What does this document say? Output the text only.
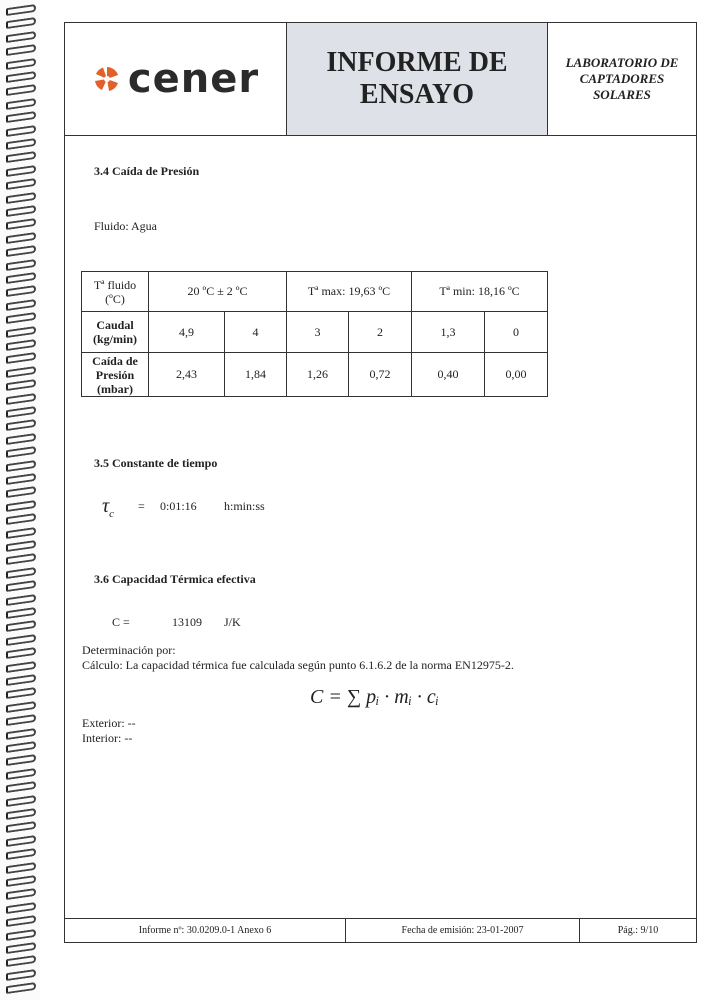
cener INFORME DE
ENSAYO
LABORATORIO DE
CAPTADORES
SOLARES
3.4 Caída de Presión
Fluido: Agua
Tª fluido
(ºC)	20 ºC ± 2 ºC		Tª max: 19,63 ºC		Tª min: 18,16 ºC	
Caudal
(kg/min)	4,9	4	3	2	1,3	0
Caída de
Presión
(mbar)	2,43	1,84	1,26	0,72	0,40	0,00
3.5 Constante de tiempo
$\tau_c$
= 0:01:16 h:min:ss
3.6 Capacidad Térmica efectiva
C =	13109 J/K
Determinación por:
Cálculo: La capacidad térmica fue calculada según punto 6.1.6.2 de la norma EN12975-2.
C = ∑ pᵢ · mᵢ · cᵢ
Exterior: --
Interior: --
Informe nº: 30.0209.0-1 Anexo 6	Fecha de emisión: 23-01-2007	Pág.: 9/10
